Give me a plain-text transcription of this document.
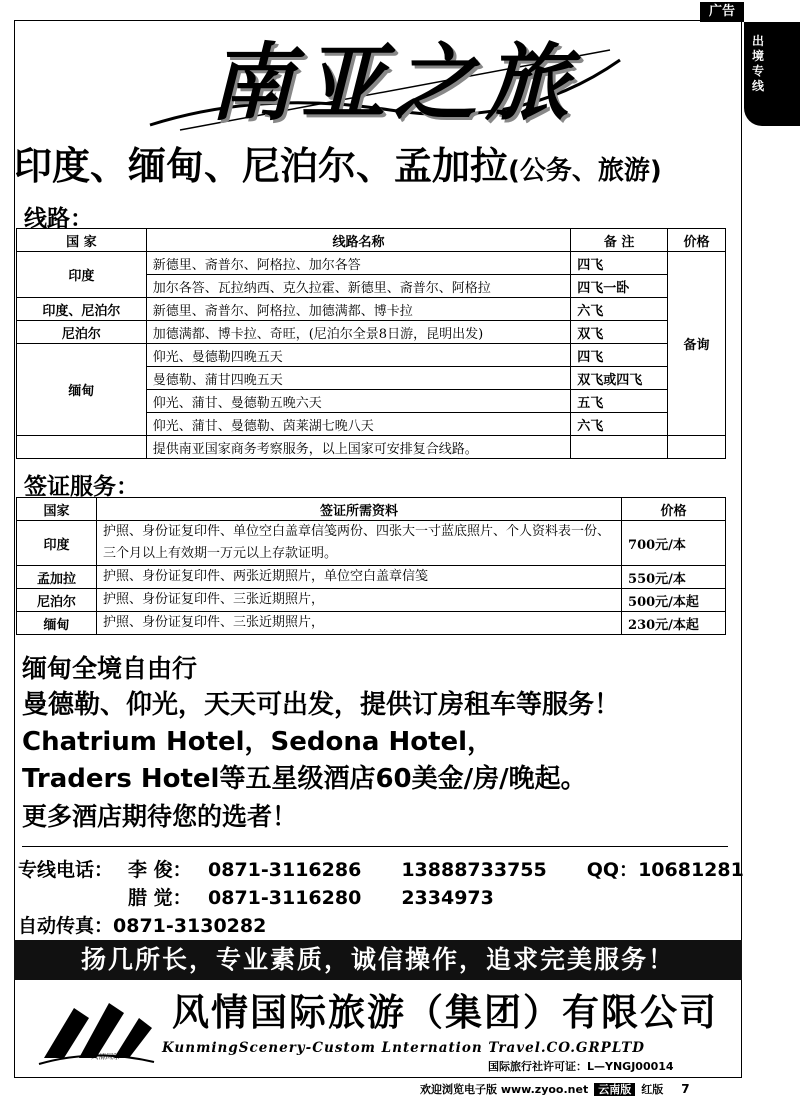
广告
出境专线
南亚之旅
印度、缅甸、尼泊尔、孟加拉(公务、旅游)
线路：
国 家	线路名称	备 注	价格
印度	新德里、斋普尔、阿格拉、加尔各答	四飞	备询
	加尔各答、瓦拉纳西、克久拉霍、新德里、斋普尔、阿格拉	四飞一卧	
印度、尼泊尔	新德里、斋普尔、阿格拉、加德满都、博卡拉	六飞	
尼泊尔	加德满都、博卡拉、奇旺，(尼泊尔全景8日游，昆明出发)	双飞	
缅甸	仰光、曼德勒四晚五天	四飞	
	曼德勒、蒲甘四晚五天	双飞或四飞	
	仰光、蒲甘、曼德勒五晚六天	五飞	
	仰光、蒲甘、曼德勒、茵莱湖七晚八天	六飞	
	提供南亚国家商务考察服务，以上国家可安排复合线路。		
签证服务：
国家	签证所需资料	价格
印度	护照、身份证复印件、单位空白盖章信笺两份、四张大一寸蓝底照片、个人资料表一份、三个月以上有效期一万元以上存款证明。	700元/本
孟加拉	护照、身份证复印件、两张近期照片，单位空白盖章信笺	550元/本
尼泊尔	护照、身份证复印件、三张近期照片，	500元/本起
缅甸	护照、身份证复印件、三张近期照片，	230元/本起
缅甸全境自由行
曼德勒、仰光，天天可出发，提供订房租车等服务！
Chatrium Hotel，Sedona Hotel，
Traders Hotel等五星级酒店60美金/房/晚起。
更多酒店期待您的选者！
专线电话： 李 俊： 0871-3116286 13888733755 QQ：10681281
腊 觉： 0871-3116280 2334973
自动传真：0871-3130282
扬几所长，专业素质，诚信操作，追求完美服务！
风情国际
风情国际旅游（集团）有限公司
KunmingScenery-Custom Lnternation Travel.CO.GRPLTD
国际旅行社许可证：L—YNGJ00014
欢迎浏览电子版 www.zyoo.net 云南版 红版 7
